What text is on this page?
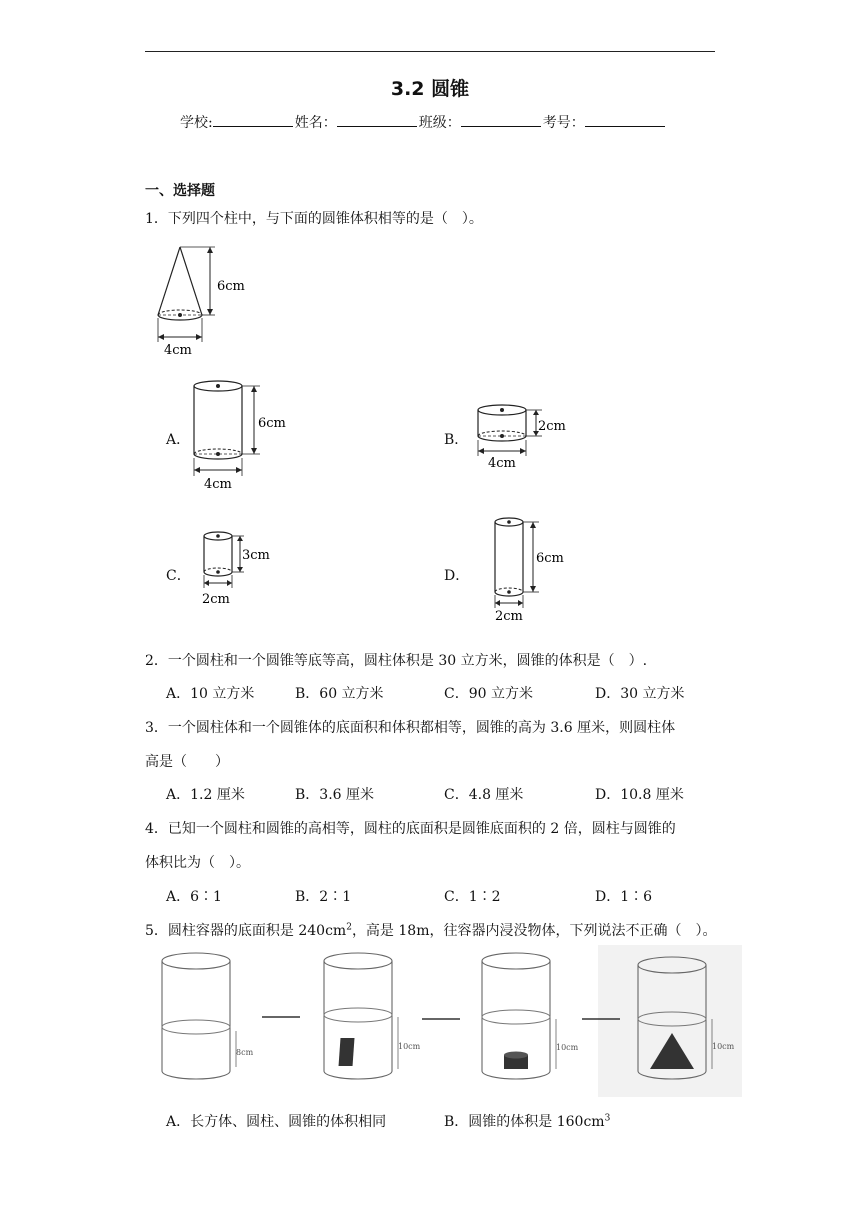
3.2 圆锥
学校:	姓名：	班级：	考号：
一、选择题
1．下列四个柱中，与下面的圆锥体积相等的是（　）。
6cm
4cm
A．
6cm
4cm
B．
2cm
4cm
C．
3cm
2cm
D．
6cm
2cm
2．一个圆柱和一个圆锥等底等高，圆柱体积是 30 立方米，圆锥的体积是（　）.
A．10 立方米	B．60 立方米	C．90 立方米	D．30 立方米
3．一个圆柱体和一个圆锥体的底面积和体积都相等，圆锥的高为 3.6 厘米，则圆柱体
高是（　　）
A．1.2 厘米	B．3.6 厘米	C．4.8 厘米	D．10.8 厘米
4．已知一个圆柱和圆锥的高相等，圆柱的底面积是圆锥底面积的 2 倍，圆柱与圆锥的
体积比为（　）。
A．6∶1	B．2∶1	C．1∶2	D．1∶6
5．圆柱容器的底面积是 $240cm^2$，高是 18m，往容器内浸没物体，下列说法不正确（　）。
8cm
10cm	10cm	10cm
A．长方体、圆柱、圆锥的体积相同	B．圆锥的体积是 $160cm^3$
